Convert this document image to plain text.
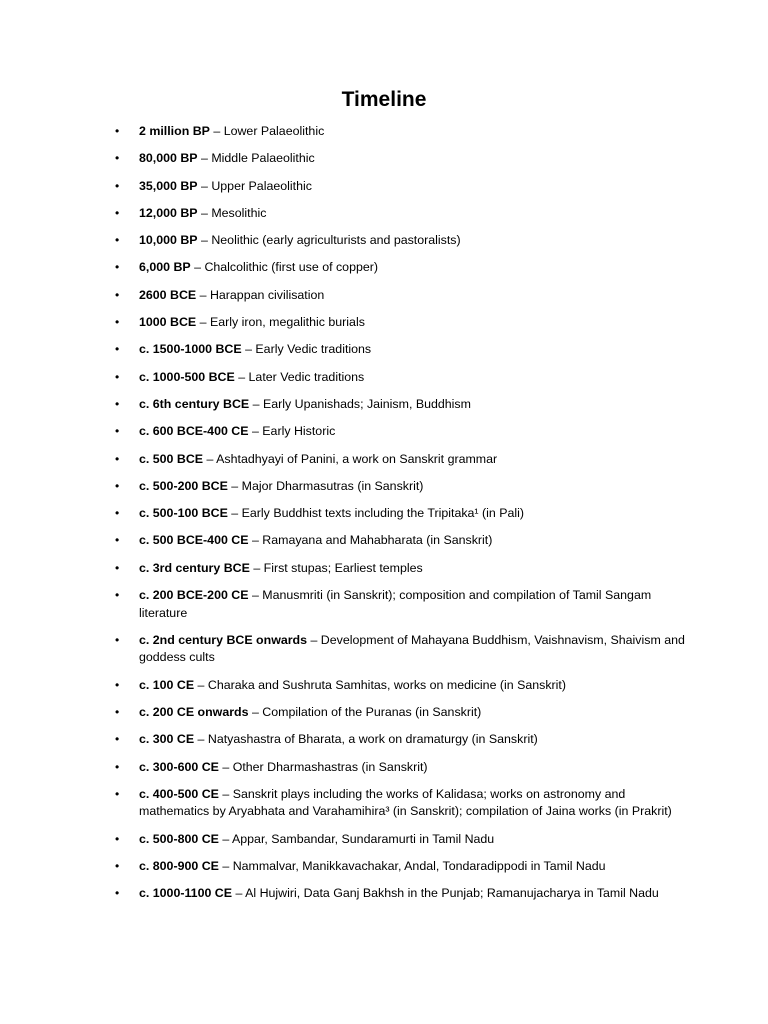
Timeline
•	2 million BP – Lower Palaeolithic
•	80,000 BP – Middle Palaeolithic
•	35,000 BP – Upper Palaeolithic
•	12,000 BP – Mesolithic
•	10,000 BP – Neolithic (early agriculturists and pastoralists)
•	6,000 BP – Chalcolithic (first use of copper)
•	2600 BCE – Harappan civilisation
•	1000 BCE – Early iron, megalithic burials
•	c. 1500-1000 BCE – Early Vedic traditions
•	c. 1000-500 BCE – Later Vedic traditions
•	c. 6th century BCE – Early Upanishads; Jainism, Buddhism
•	c. 600 BCE-400 CE – Early Historic
•	c. 500 BCE – Ashtadhyayi of Panini, a work on Sanskrit grammar
•	c. 500-200 BCE – Major Dharmasutras (in Sanskrit)
•	c. 500-100 BCE – Early Buddhist texts including the Tripitaka¹ (in Pali)
•	c. 500 BCE-400 CE – Ramayana and Mahabharata (in Sanskrit)
•	c. 3rd century BCE – First stupas; Earliest temples
•	c. 200 BCE-200 CE – Manusmriti (in Sanskrit); composition and compilation of Tamil Sangam literature
•	c. 2nd century BCE onwards – Development of Mahayana Buddhism, Vaishnavism, Shaivism and goddess cults
•	c. 100 CE – Charaka and Sushruta Samhitas, works on medicine (in Sanskrit)
•	c. 200 CE onwards – Compilation of the Puranas (in Sanskrit)
•	c. 300 CE – Natyashastra of Bharata, a work on dramaturgy (in Sanskrit)
•	c. 300-600 CE – Other Dharmashastras (in Sanskrit)
•	c. 400-500 CE – Sanskrit plays including the works of Kalidasa; works on astronomy and mathematics by Aryabhata and Varahamihira³ (in Sanskrit); compilation of Jaina works (in Prakrit)
•	c. 500-800 CE – Appar, Sambandar, Sundaramurti in Tamil Nadu
•	c. 800-900 CE – Nammalvar, Manikkavachakar, Andal, Tondaradippodi in Tamil Nadu
•	c. 1000-1100 CE – Al Hujwiri, Data Ganj Bakhsh in the Punjab; Ramanujacharya in Tamil Nadu
